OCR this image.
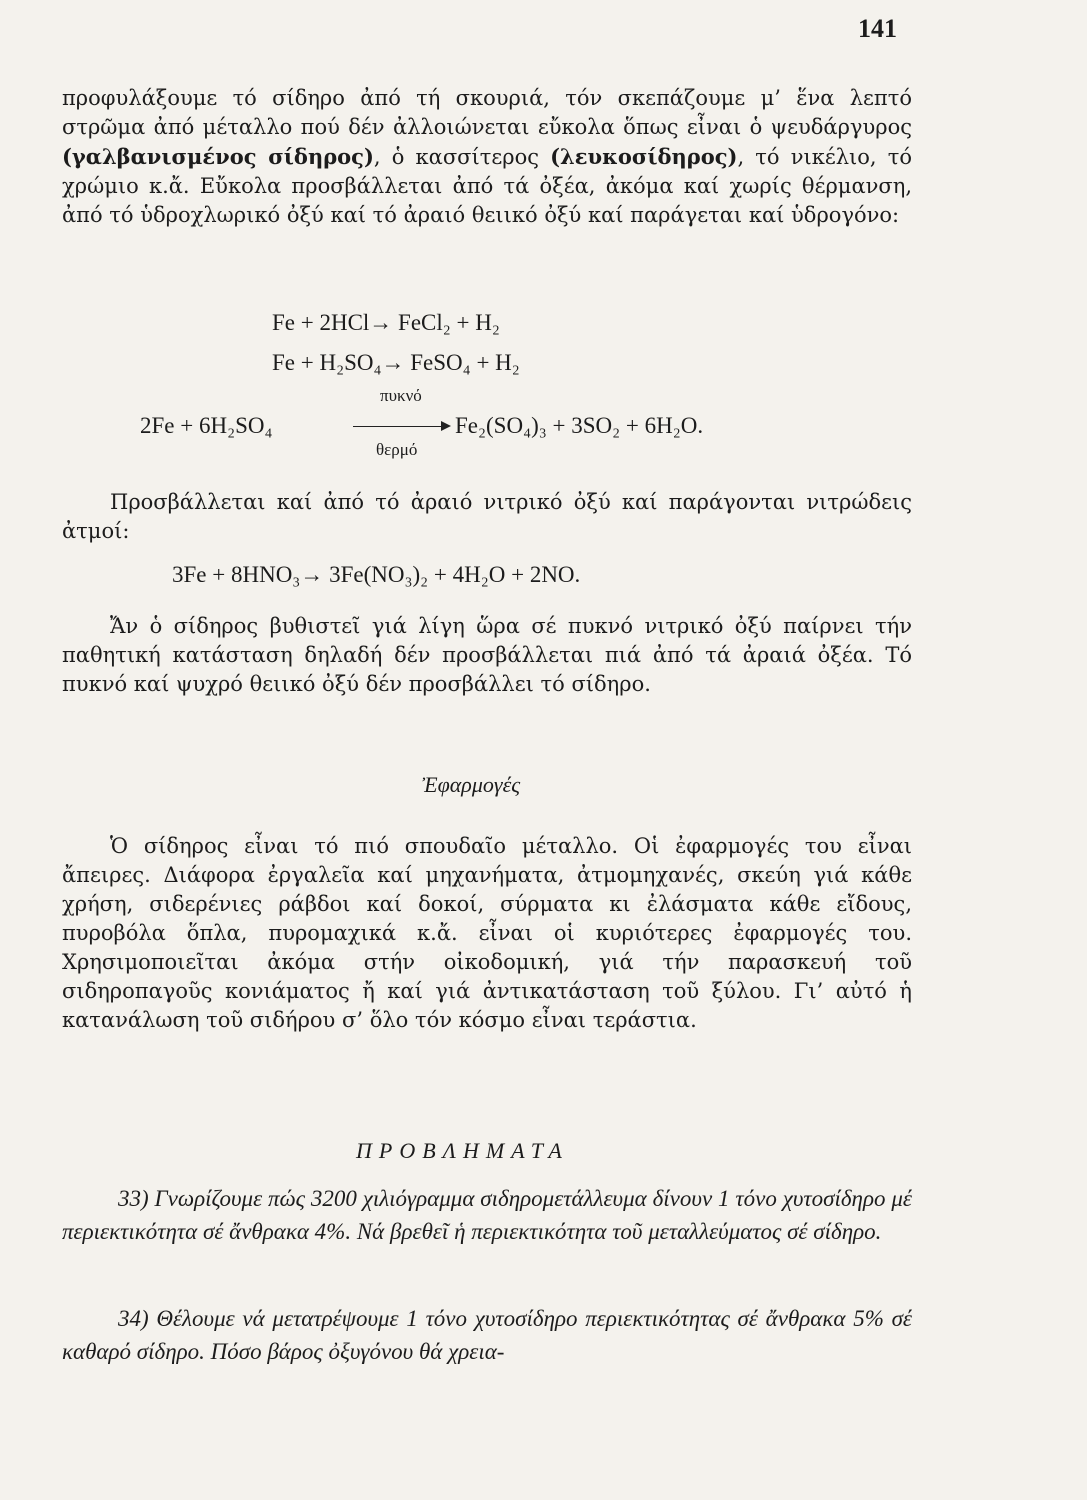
141

προφυλάξουμε τό σίδηρο ἀπό τή σκουριά, τόν σκεπάζουμε μ’ ἕνα λεπτό στρῶμα ἀπό μέταλλο πού δέν ἀλλοιώνεται εὔκολα ὅπως εἶναι ὁ ψευδάργυρος (γαλβανισμένος σίδηρος), ὁ κασσίτερος (λευκοσίδηρος), τό νικέλιο, τό χρώμιο κ.ἄ. Εὔκολα προσβάλλεται ἀπό τά ὀξέα, ἀκόμα καί χωρίς θέρμανση, ἀπό τό ὑδροχλωρικό ὀξύ καί τό ἀραιό θειικό ὀξύ καί παράγεται καί ὑδρογόνο:

Fe + 2HCl→ FeCl₂ + H₂
Fe + H₂SO₄→ FeSO₄ + H₂
2Fe + 6H₂SO₄
πυκνό
θερμό
Fe₂(SO₄)₃ + 3SO₂ + 6H₂O.

Προσβάλλεται καί ἀπό τό ἀραιό νιτρικό ὀξύ καί παράγονται νιτρώδεις ἀτμοί:

3Fe + 8HNO₃→ 3Fe(NO₃)₂ + 4H₂O + 2NO.

Ἄν ὁ σίδηρος βυθιστεῖ γιά λίγη ὥρα σέ πυκνό νιτρικό ὀξύ παίρνει τήν παθητική κατάσταση δηλαδή δέν προσβάλλεται πιά ἀπό τά ἀραιά ὀξέα. Τό πυκνό καί ψυχρό θειικό ὀξύ δέν προσβάλλει τό σίδηρο.

Ἐφαρμογές

Ὁ σίδηρος εἶναι τό πιό σπουδαῖο μέταλλο. Οἱ ἐφαρμογές του εἶναι ἄπειρες. Διάφορα ἐργαλεῖα καί μηχανήματα, ἀτμομηχανές, σκεύη γιά κάθε χρήση, σιδερένιες ράβδοι καί δοκοί, σύρματα κι ἐλάσματα κάθε εἴδους, πυροβόλα ὅπλα, πυρομαχικά κ.ἄ. εἶναι οἱ κυριότερες ἐφαρμογές του. Χρησιμοποιεῖται ἀκόμα στήν οἰκοδομική, γιά τήν παρασκευή τοῦ σιδηροπαγοῦς κονιάματος ἤ καί γιά ἀντικατάσταση τοῦ ξύλου. Γι’ αὐτό ἡ κατανάλωση τοῦ σιδήρου σ’ ὅλο τόν κόσμο εἶναι τεράστια.

ΠΡΟΒΛΗΜΑΤΑ

33) Γνωρίζουμε πώς 3200 χιλιόγραμμα σιδηρομετάλλευμα δίνουν 1 τόνο χυτοσίδηρο μέ περιεκτικότητα σέ ἄνθρακα 4%. Νά βρεθεῖ ἡ περιεκτικότητα τοῦ μεταλλεύματος σέ σίδηρο.

34) Θέλουμε νά μετατρέψουμε 1 τόνο χυτοσίδηρο περιεκτικότητας σέ ἄνθρακα 5% σέ καθαρό σίδηρο. Πόσο βάρος ὀξυγόνου θά χρεια-
